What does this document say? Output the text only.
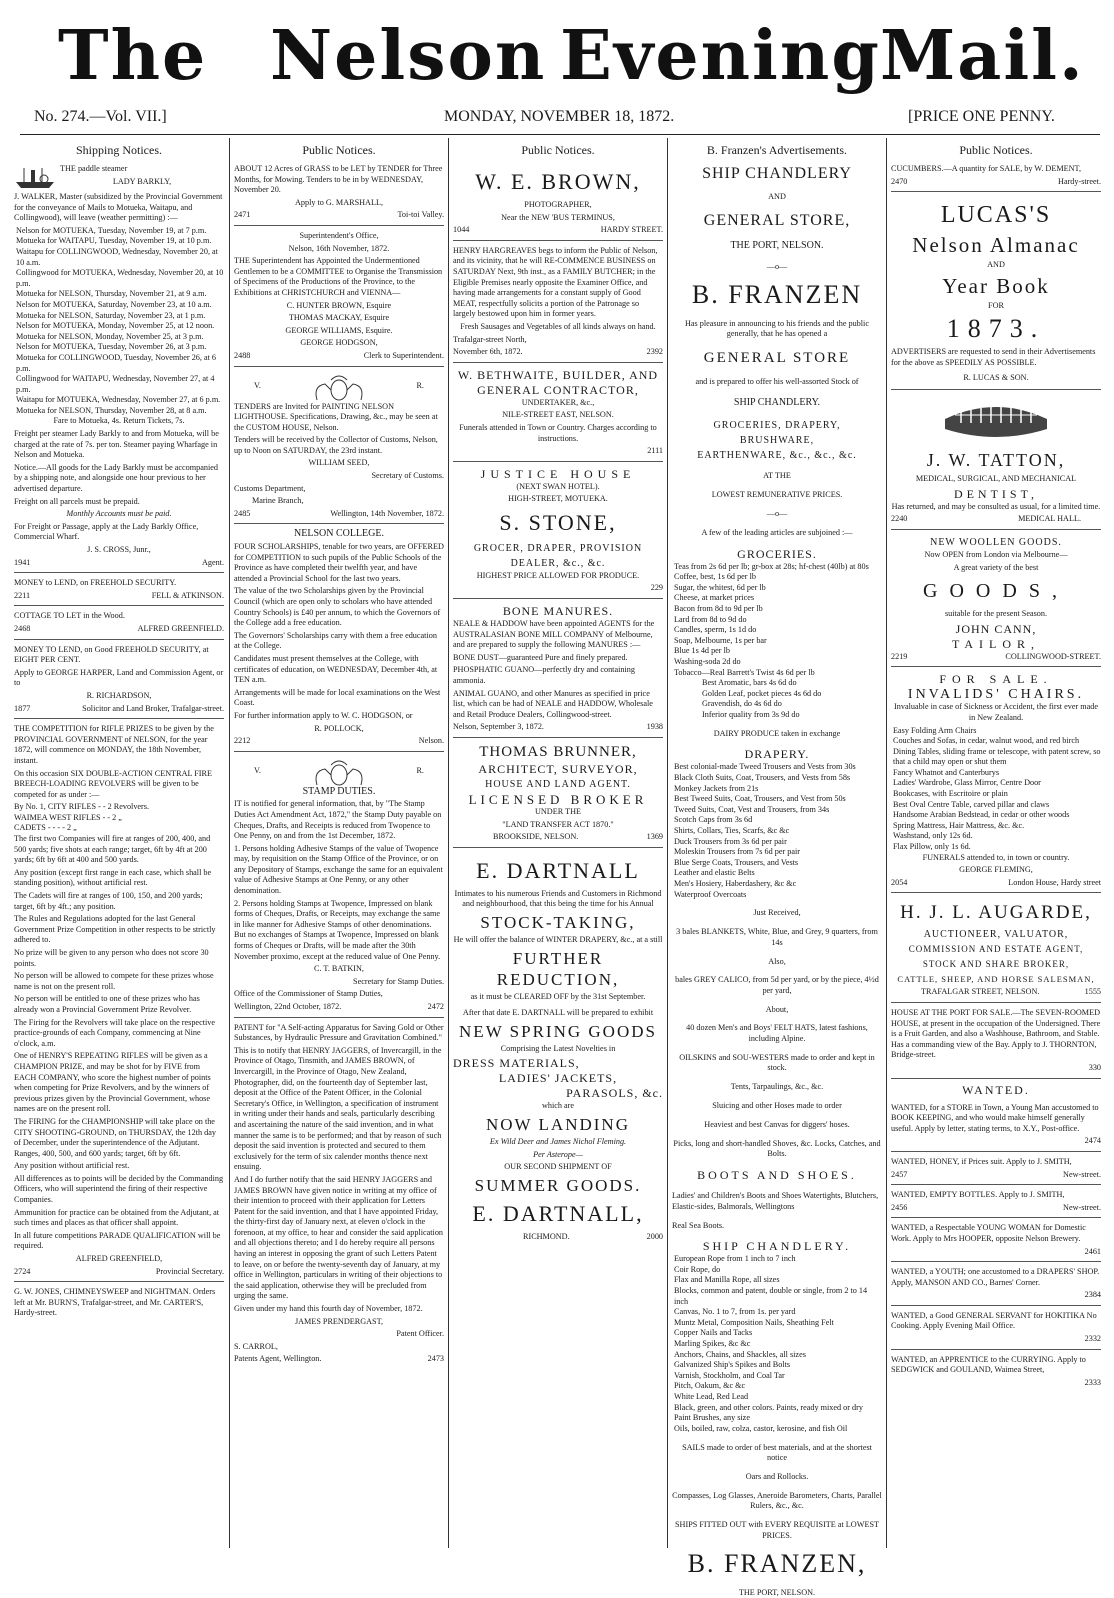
The Nelson Evening Mail.
No. 274.—Vol. VII.]	MONDAY, NOVEMBER 18, 1872.	[PRICE ONE PENNY.
Shipping Notices.

THE paddle steamer

LADY BARKLY,

J. WALKER, Master (subsidized by the Provincial Government for the conveyance of Mails to Motueka, Waitapu, and Collingwood), will leave (weather permitting) :—

Nelson for MOTUEKA, Tuesday, November 19, at 7 p.m.
Motueka for WAITAPU, Tuesday, November 19, at 10 p.m.
Waitapu for COLLINGWOOD, Wednesday, November 20, at 10 a.m.
Collingwood for MOTUEKA, Wednesday, November 20, at 10 p.m.
Motueka for NELSON, Thursday, November 21, at 9 a.m.
Nelson for MOTUEKA, Saturday, November 23, at 10 a.m.
Motueka for NELSON, Saturday, November 23, at 1 p.m.
Nelson for MOTUEKA, Monday, November 25, at 12 noon.
Motueka for NELSON, Monday, November 25, at 3 p.m.
Nelson for MOTUEKA, Tuesday, November 26, at 3 p.m.
Motueka for COLLINGWOOD, Tuesday, November 26, at 6 p.m.
Collingwood for WAITAPU, Wednesday, November 27, at 4 p.m.
Waitapu for MOTUEKA, Wednesday, November 27, at 6 p.m.
Motueka for NELSON, Thursday, November 28, at 8 a.m.

Fare to Motueka, 4s. Return Tickets, 7s.

Freight per steamer Lady Barkly to and from Motueka, will be charged at the rate of 7s. per ton. Steamer paying Wharfage in Nelson and Motueka.

Notice.—All goods for the Lady Barkly must be accompanied by a shipping note, and alongside one hour previous to her advertised departure.

Freight on all parcels must be prepaid.

Monthly Accounts must be paid.

For Freight or Passage, apply at the Lady Barkly Office, Commercial Wharf.

J. S. CROSS, Junr.,

1941	Agent.

MONEY to LEND, on FREEHOLD SECURITY.

2211	FELL & ATKINSON.

COTTAGE TO LET in the Wood.

2468	ALFRED GREENFIELD.

MONEY TO LEND, on Good FREEHOLD SECURITY, at EIGHT PER CENT.

Apply to GEORGE HARPER, Land and Commission Agent, or to

R. RICHARDSON,

1877	Solicitor and Land Broker, Trafalgar-street.

THE COMPETITION for RIFLE PRIZES to be given by the PROVINCIAL GOVERNMENT of NELSON, for the year 1872, will commence on MONDAY, the 18th November, instant.

On this occasion SIX DOUBLE-ACTION CENTRAL FIRE BREECH-LOADING REVOLVERS will be given to be competed for as under :—

By No. 1, CITY RIFLES - - 2 Revolvers.
WAIMEA WEST RIFLES - - 2 „
CADETS - - - - 2 „

The first two Companies will fire at ranges of 200, 400, and 500 yards; five shots at each range; target, 6ft by 4ft at 200 yards; 6ft by 6ft at 400 and 500 yards.

Any position (except first range in each case, which shall be standing position), without artificial rest.

The Cadets will fire at ranges of 100, 150, and 200 yards; target, 6ft by 4ft.; any position.

The Rules and Regulations adopted for the last General Government Prize Competition in other respects to be strictly adhered to.

No prize will be given to any person who does not score 30 points.

No person will be allowed to compete for these prizes whose name is not on the present roll.

No person will be entitled to one of these prizes who has already won a Provincial Government Prize Revolver.

The Firing for the Revolvers will take place on the respective practice-grounds of each Company, commencing at Nine o'clock, a.m.

One of HENRY'S REPEATING RIFLES will be given as a CHAMPION PRIZE, and may be shot for by FIVE from EACH COMPANY, who score the highest number of points when competing for Prize Revolvers, and by the winners of previous prizes given by the Provincial Government, whose names are on the present roll.

The FIRING for the CHAMPIONSHIP will take place on the CITY SHOOTING-GROUND, on THURSDAY, the 12th day of December, under the superintendence of the Adjutant. Ranges, 400, 500, and 600 yards; target, 6ft by 6ft.

Any position without artificial rest.

All differences as to points will be decided by the Commanding Officers, who will superintend the firing of their respective Companies.

Ammunition for practice can be obtained from the Adjutant, at such times and places as that officer shall appoint.

In all future competitions PARADE QUALIFICATION will be required.

ALFRED GREENFIELD,

2724	Provincial Secretary.

G. W. JONES, CHIMNEYSWEEP and NIGHTMAN. Orders left at Mr. BURN'S, Trafalgar-street, and Mr. CARTER'S, Hardy-street.

Public Notices.

ABOUT 12 Acres of GRASS to be LET by TENDER for Three Months, for Mowing. Tenders to be in by WEDNESDAY, November 20.

Apply to G. MARSHALL,

2471	Toi-toi Valley.

Superintendent's Office,

Nelson, 16th November, 1872.

THE Superintendent has Appointed the Undermentioned Gentlemen to be a COMMITTEE to Organise the Transmission of Specimens of the Productions of the Province, to the Exhibitions at CHRISTCHURCH and VIENNA—

C. HUNTER BROWN, Esquire

THOMAS MACKAY, Esquire

GEORGE WILLIAMS, Esquire.

GEORGE HODGSON,

2488	Clerk to Superintendent.
V.	R.

TENDERS are Invited for PAINTING NELSON LIGHTHOUSE. Specifications, Drawing, &c., may be seen at the CUSTOM HOUSE, Nelson.

Tenders will be received by the Collector of Customs, Nelson, up to Noon on SATURDAY, the 23rd instant.

WILLIAM SEED,

Secretary of Customs.

Customs Department,

Marine Branch,

2485	Wellington, 14th November, 1872.

NELSON COLLEGE.

FOUR SCHOLARSHIPS, tenable for two years, are OFFERED for COMPETITION to such pupils of the Public Schools of the Province as have completed their twelfth year, and have attended a Provincial School for the last two years.

The value of the two Scholarships given by the Provincial Council (which are open only to scholars who have attended Country Schools) is £40 per annum, to which the Governors of the College add a free education.

The Governors' Scholarships carry with them a free education at the College.

Candidates must present themselves at the College, with certificates of education, on WEDNESDAY, December 4th, at TEN a.m.

Arrangements will be made for local examinations on the West Coast.

For further information apply to W. C. HODGSON, or

R. POLLOCK,

2212	Nelson.
V.	R.

STAMP DUTIES.

IT is notified for general information, that, by "The Stamp Duties Act Amendment Act, 1872," the Stamp Duty payable on Cheques, Drafts, and Receipts is reduced from Twopence to One Penny, on and from the 1st December, 1872.

1. Persons holding Adhesive Stamps of the value of Twopence may, by requisition on the Stamp Office of the Province, or on any Depository of Stamps, exchange the same for an equivalent value of Adhesive Stamps at One Penny, or any other denomination.

2. Persons holding Stamps at Twopence, Impressed on blank forms of Cheques, Drafts, or Receipts, may exchange the same in like manner for Adhesive Stamps of other denominations. But no exchanges of Stamps at Twopence, Impressed on blank forms of Cheques or Drafts, will be made after the 30th November proximo, except at the reduced value of One Penny.

C. T. BATKIN,

Secretary for Stamp Duties.

Office of the Commissioner of Stamp Duties,

Wellington, 22nd October, 1872.	2472

PATENT for "A Self-acting Apparatus for Saving Gold or Other Substances, by Hydraulic Pressure and Gravitation Combined."

This is to notify that HENRY JAGGERS, of Invercargill, in the Province of Otago, Tinsmith, and JAMES BROWN, of Invercargill, in the Province of Otago, New Zealand, Photographer, did, on the fourteenth day of September last, deposit at the Office of the Patent Officer, in the Colonial Secretary's Office, in Wellington, a specification of instrument in writing under their hands and seals, particularly describing and ascertaining the nature of the said invention, and in what manner the same is to be performed; and that by reason of such deposit the said invention is protected and secured to them exclusively for the term of six calender months thence next ensuing.

And I do further notify that the said HENRY JAGGERS and JAMES BROWN have given notice in writing at my office of their intention to proceed with their application for Letters Patent for the said invention, and that I have appointed Friday, the thirty-first day of January next, at eleven o'clock in the forenoon, at my office, to hear and consider the said application and all objections thereto; and I do hereby require all persons having an interest in opposing the grant of such Letters Patent to leave, on or before the twenty-seventh day of January, at my office in Wellington, particulars in writing of their objections to the said application, otherwise they will be precluded from urging the same.

Given under my hand this fourth day of November, 1872.

JAMES PRENDERGAST,

Patent Officer.

S. CARROL,

Patents Agent, Wellington.	2473
Public Notices.
W. E. BROWN,

PHOTOGRAPHER,

Near the NEW 'BUS TERMINUS,

1044	HARDY STREET.

HENRY HARGREAVES begs to inform the Public of Nelson, and its vicinity, that he will RE-COMMENCE BUSINESS on SATURDAY Next, 9th inst., as a FAMILY BUTCHER; in the Eligible Premises nearly opposite the Examiner Office, and having made arrangements for a constant supply of Good MEAT, respectfully solicits a portion of the Patronage so largely bestowed upon him in former years.

Fresh Sausages and Vegetables of all kinds always on hand.

Trafalgar-street North,

November 6th, 1872.	2392
W. BETHWAITE, BUILDER, AND GENERAL CONTRACTOR,

UNDERTAKER, &c.,

NILE-STREET EAST, NELSON.

Funerals attended in Town or Country. Charges according to instructions.

2111
JUSTICE HOUSE

(NEXT SWAN HOTEL).

HIGH-STREET, MOTUEKA.

S. STONE,
GROCER, DRAPER, PROVISION DEALER, &c., &c.

HIGHEST PRICE ALLOWED FOR PRODUCE.

229
BONE MANURES.

NEALE & HADDOW have been appointed AGENTS for the AUSTRALASIAN BONE MILL COMPANY of Melbourne, and are prepared to supply the following MANURES :—

BONE DUST—guaranteed Pure and finely prepared.

PHOSPHATIC GUANO—perfectly dry and containing ammonia.

ANIMAL GUANO, and other Manures as specified in price list, which can be had of NEALE and HADDOW, Wholesale and Retail Produce Dealers, Collingwood-street.

Nelson, September 3, 1872.	1938
THOMAS BRUNNER,
ARCHITECT, SURVEYOR,
HOUSE AND LAND AGENT.
LICENSED BROKER

UNDER THE

"LAND TRANSFER ACT 1870."

BROOKSIDE, NELSON.	1369
E. DARTNALL

Intimates to his numerous Friends and Customers in Richmond and neighbourhood, that this being the time for his Annual

STOCK-TAKING,

He will offer the balance of WINTER DRAPERY, &c., at a still

FURTHER REDUCTION,

as it must be CLEARED OFF by the 31st September.

After that date E. DARTNALL will be prepared to exhibit

NEW SPRING GOODS

Comprising the Latest Novelties in

DRESS MATERIALS,
LADIES' JACKETS,
PARASOLS, &c.

which are

NOW LANDING

Ex Wild Deer and James Nichol Fleming.

Per Asterope—

OUR SECOND SHIPMENT OF

SUMMER GOODS.
E. DARTNALL,
RICHMOND.	2000
B. Franzen's Advertisements.
SHIP CHANDLERY

AND

GENERAL STORE,

THE PORT, NELSON.

—o—

B. FRANZEN

Has pleasure in announcing to his friends and the public generally, that he has opened a

GENERAL STORE

and is prepared to offer his well-assorted Stock of

SHIP CHANDLERY.

GROCERIES, DRAPERY,
BRUSHWARE,
EARTHENWARE, &c., &c., &c.

AT THE

LOWEST REMUNERATIVE PRICES.

—o—

A few of the leading articles are subjoined :—

GROCERIES.
Teas from 2s 6d per lb; gr-box at 28s; hf-chest (40lb) at 80s
Coffee, best, 1s 6d per lb
Sugar, the whitest, 6d per lb
Cheese, at market prices
Bacon from 8d to 9d per lb
Lard from 8d to 9d do
Candles, sperm, 1s 1d do
Soap, Melbourne, 1s per bar
Blue 1s 4d per lb
Washing-soda 2d do
Tobacco—Real Barrett's Twist 4s 6d per lb
Best Aromatic, bars 4s 6d do
Golden Leaf, pocket pieces 4s 6d do
Gravendish, do 4s 6d do
Inferior quality from 3s 9d do

DAIRY PRODUCE taken in exchange

DRAPERY.
Best colonial-made Tweed Trousers and Vests from 30s
Black Cloth Suits, Coat, Trousers, and Vests from 58s
Monkey Jackets from 21s
Best Tweed Suits, Coat, Trousers, and Vest from 50s
Tweed Suits, Coat, Vest and Trousers, from 34s
Scotch Caps from 3s 6d
Shirts, Collars, Ties, Scarfs, &c &c
Duck Trousers from 3s 6d per pair
Moleskin Trousers from 7s 6d per pair
Blue Serge Coats, Trousers, and Vests
Leather and elastic Belts
Men's Hosiery, Haberdashery, &c &c
Waterproof Overcoats

Just Received,

3 bales BLANKETS, White, Blue, and Grey, 9 quarters, from 14s

Also,

bales GREY CALICO, from 5d per yard, or by the piece, 4½d per yard,

About,

40 dozen Men's and Boys' FELT HATS, latest fashions, including Alpine.

OILSKINS and SOU-WESTERS made to order and kept in stock.

Tents, Tarpaulings, &c., &c.

Sluicing and other Hoses made to order

Heaviest and best Canvas for diggers' hoses.

Picks, long and short-handled Shoves, &c. Locks, Catches, and Bolts.

BOOTS AND SHOES.

Ladies' and Children's Boots and Shoes Watertights, Blutchers, Elastic-sides, Balmorals, Wellingtons

Real Sea Boots.

SHIP CHANDLERY.
European Rope from 1 inch to 7 inch
Coir Rope, do
Flax and Manilla Rope, all sizes
Blocks, common and patent, double or single, from 2 to 14 inch
Canvas, No. 1 to 7, from 1s. per yard
Muntz Metal, Composition Nails, Sheathing Felt
Copper Nails and Tacks
Marling Spikes, &c &c
Anchors, Chains, and Shackles, all sizes
Galvanized Ship's Spikes and Bolts
Varnish, Stockholm, and Coal Tar
Pitch, Oakum, &c &c
White Lead, Red Lead
Black, green, and other colors. Paints, ready mixed or dry
Paint Brushes, any size
Oils, boiled, raw, colza, castor, kerosine, and fish Oil

SAILS made to order of best materials, and at the shortest notice

Oars and Rollocks.

Compasses, Log Glasses, Aneroide Barometers, Charts, Parallel Rulers, &c., &c.

SHIPS FITTED OUT with EVERY REQUISITE at LOWEST PRICES.

B. FRANZEN,

THE PORT, NELSON.

Public Notices.

CUCUMBERS.—A quantity for SALE, by W. DEMENT,

2470	Hardy-street.
LUCAS'S
Nelson Almanac

AND

Year Book

FOR

1873.

ADVERTISERS are requested to send in their Advertisements for the above as SPEEDILY AS POSSIBLE.

R. LUCAS & SON.

J. W. TATTON,

MEDICAL, SURGICAL, AND MECHANICAL

DENTIST,

Has returned, and may be consulted as usual, for a limited time.

2240	MEDICAL HALL.
NEW WOOLLEN GOODS.

Now OPEN from London via Melbourne—

A great variety of the best

GOODS,

suitable for the present Season.

JOHN CANN,
TAILOR,
2219	COLLINGWOOD-STREET.
FOR SALE.
INVALIDS' CHAIRS.

Invaluable in case of Sickness or Accident, the first ever made in New Zealand.

Easy Folding Arm Chairs
Couches and Sofas, in cedar, walnut wood, and red birch
Dining Tables, sliding frame or telescope, with patent screw, so that a child may open or shut them
Fancy Whatnot and Canterburys
Ladies' Wardrobe, Glass Mirror, Centre Door
Bookcases, with Escritoire or plain
Best Oval Centre Table, carved pillar and claws
Handsome Arabian Bedstead, in cedar or other woods
Spring Mattress, Hair Mattress, &c. &c.
Washstand, only 12s 6d.
Flax Pillow, only 1s 6d.

FUNERALS attended to, in town or country.

GEORGE FLEMING,

2054	London House, Hardy street
H. J. L. AUGARDE,
AUCTIONEER, VALUATOR,
COMMISSION AND ESTATE AGENT,
STOCK AND SHARE BROKER,
CATTLE, SHEEP, AND HORSE SALESMAN,
TRAFALGAR STREET, NELSON.	1555

HOUSE AT THE PORT FOR SALE.—The SEVEN-ROOMED HOUSE, at present in the occupation of the Undersigned. There is a Fruit Garden, and also a Washhouse, Bathroom, and Stable. Has a commanding view of the Bay. Apply to J. THORNTON, Bridge-street.

330
WANTED.

WANTED, for a STORE in Town, a Young Man accustomed to BOOK KEEPING, and who would make himself generally useful. Apply by letter, stating terms, to X.Y., Post-office.

2474

WANTED, HONEY, if Prices suit. Apply to J. SMITH,

2457	New-street.

WANTED, EMPTY BOTTLES. Apply to J. SMITH,

2456	New-street.

WANTED, a Respectable YOUNG WOMAN for Domestic Work. Apply to Mrs HOOPER, opposite Nelson Brewery.

2461

WANTED, a YOUTH; one accustomed to a DRAPERS' SHOP. Apply, MANSON AND CO., Barnes' Corner.

2384

WANTED, a Good GENERAL SERVANT for HOKITIKA No Cooking. Apply Evening Mail Office.

2332

WANTED, an APPRENTICE to the CURRYING. Apply to SEDGWICK and GOULAND, Waimea Street,

2333
